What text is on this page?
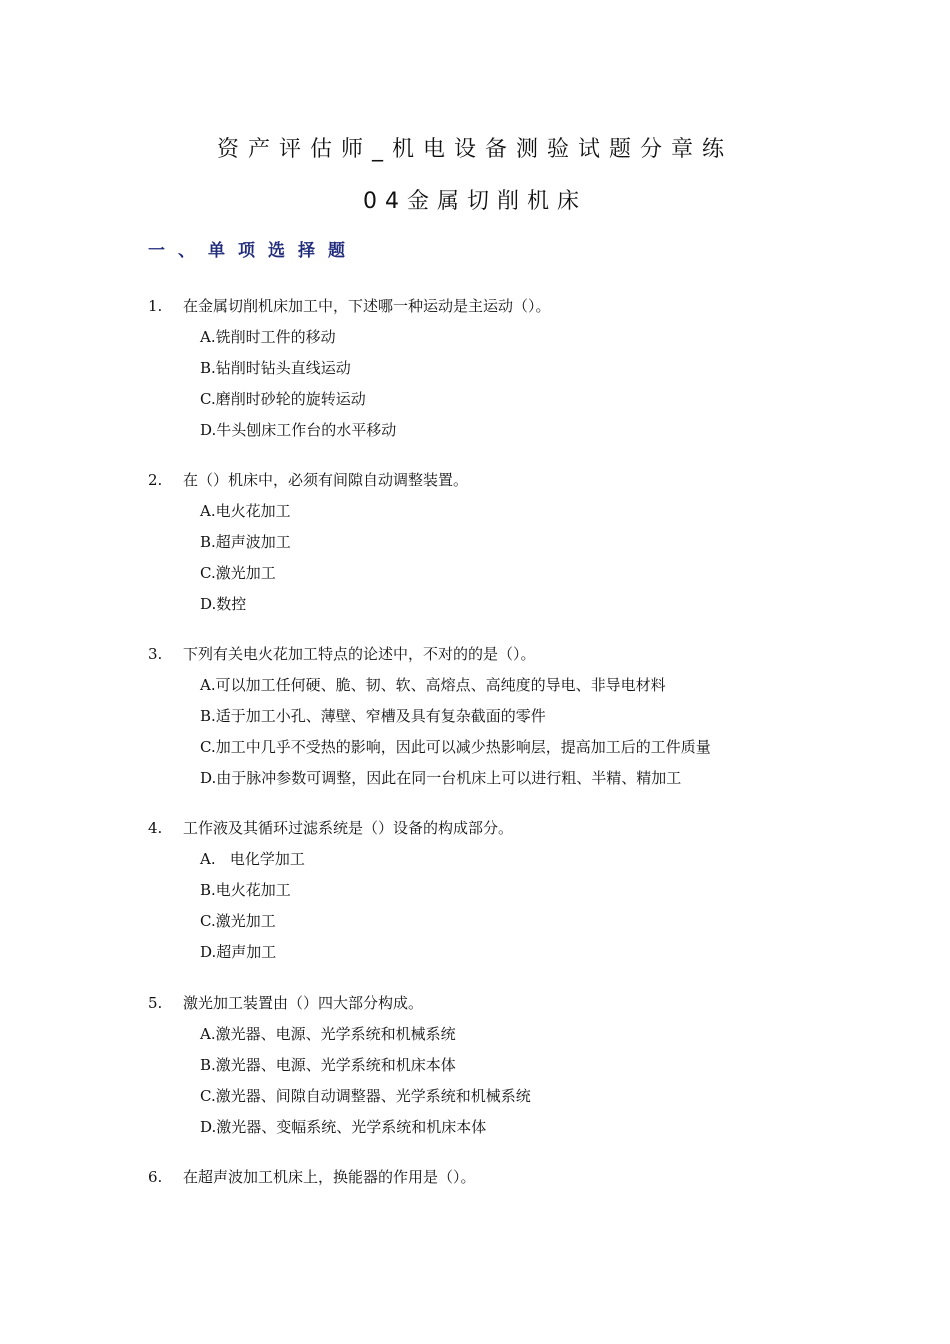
资产评估师_机电设备测验试题分章练
04金属切削机床
一、单项选择题
1. 在金属切削机床加工中，下述哪一种运动是主运动（）。
A.铣削时工件的移动
B.钻削时钻头直线运动
C.磨削时砂轮的旋转运动
D.牛头刨床工作台的水平移动
2. 在（）机床中，必须有间隙自动调整装置。
A.电火花加工
B.超声波加工
C.激光加工
D.数控
3. 下列有关电火花加工特点的论述中，不对的的是（）。
A.可以加工任何硬、脆、韧、软、高熔点、高纯度的导电、非导电材料
B.适于加工小孔、薄壁、窄槽及具有复杂截面的零件
C.加工中几乎不受热的影响，因此可以减少热影响层，提高加工后的工件质量
D.由于脉冲参数可调整，因此在同一台机床上可以进行粗、半精、精加工
4. 工作液及其循环过滤系统是（）设备的构成部分。
A.   电化学加工
B.电火花加工
C.激光加工
D.超声加工
5. 激光加工装置由（）四大部分构成。
A.激光器、电源、光学系统和机械系统
B.激光器、电源、光学系统和机床本体
C.激光器、间隙自动调整器、光学系统和机械系统
D.激光器、变幅系统、光学系统和机床本体
6. 在超声波加工机床上，换能器的作用是（）。
